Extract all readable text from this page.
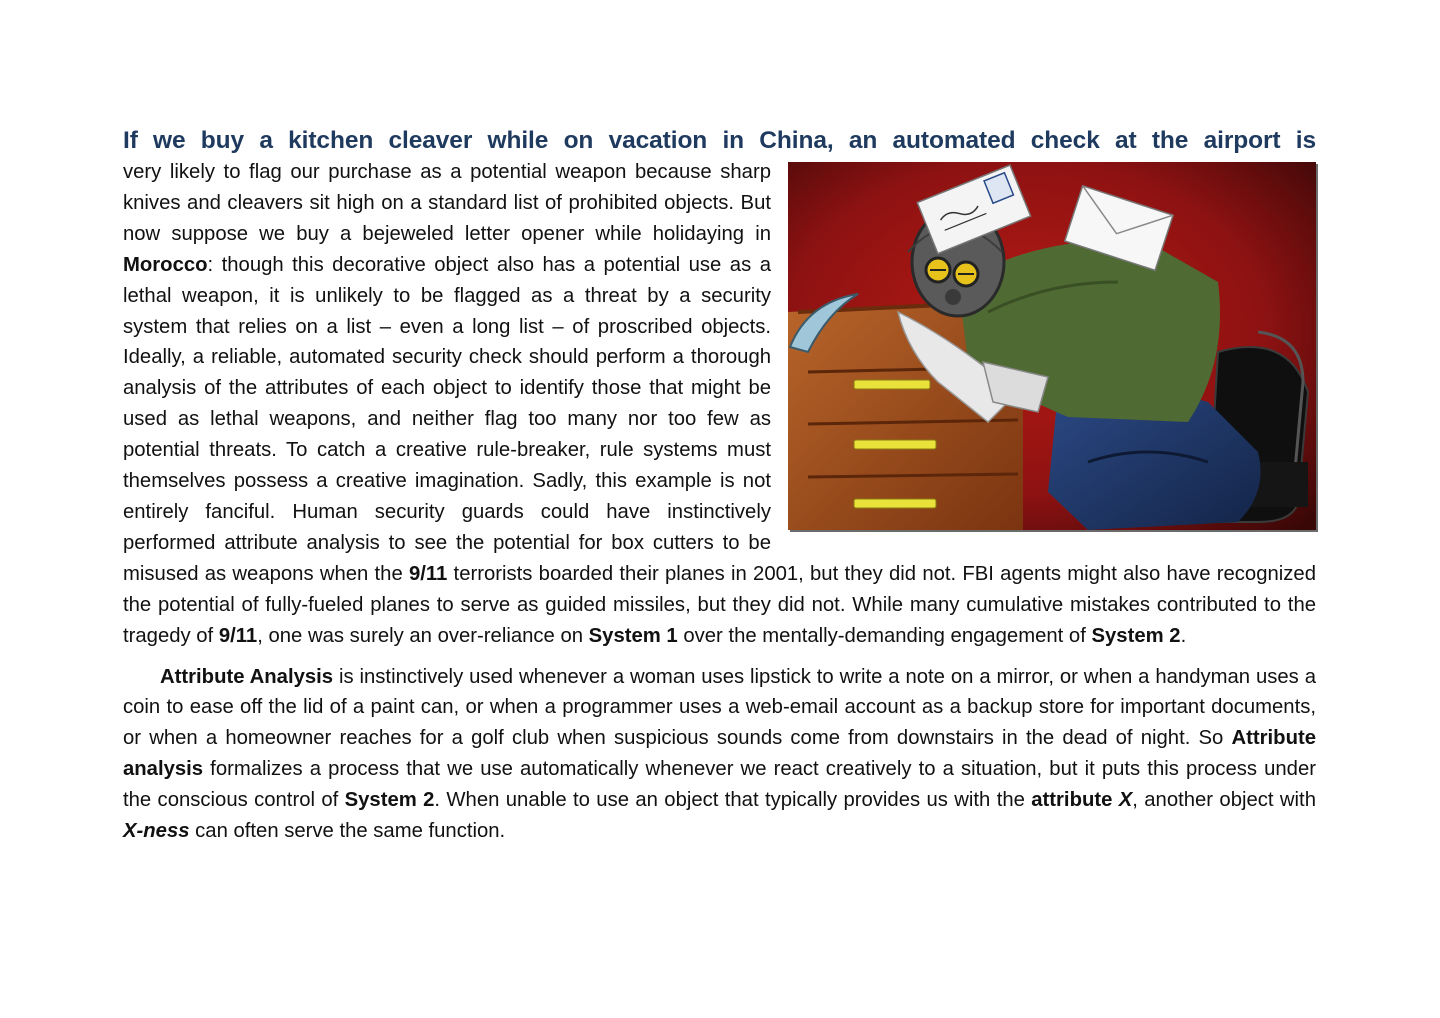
If we buy a kitchen cleaver while on vacation in China, an automated check at the airport is

very likely to flag our purchase as a potential weapon because sharp knives and cleavers sit high on a standard list of prohibited objects. But now suppose we buy a bejeweled letter opener while holidaying in Morocco: though this decorative object also has a potential use as a lethal weapon, it is unlikely to be flagged as a threat by a security system that relies on a list – even a long list – of proscribed objects. Ideally, a reliable, automated security check should perform a thorough analysis of the attributes of each object to identify those that might be used as lethal weapons, and neither flag too many nor too few as potential threats. To catch a creative rule-breaker, rule systems must themselves possess a creative imagination. Sadly, this example is not entirely fanciful. Human security guards could have instinctively performed attribute analysis to see the potential for box cutters to be misused as weapons when the 9/11 terrorists boarded their planes in 2001, but they did not. FBI agents might also have recognized the potential of fully-fueled planes to serve as guided missiles, but they did not. While many cumulative mistakes contributed to the tragedy of 9/11, one was surely an over-reliance on System 1 over the mentally-demanding engagement of System 2.

Attribute Analysis is instinctively used whenever a woman uses lipstick to write a note on a mirror, or when a handyman uses a coin to ease off the lid of a paint can, or when a programmer uses a web-email account as a backup store for important documents, or when a homeowner reaches for a golf club when suspicious sounds come from downstairs in the dead of night. So Attribute analysis formalizes a process that we use automatically whenever we react creatively to a situation, but it puts this process under the conscious control of System 2. When unable to use an object that typically provides us with the attribute X, another object with X-ness can often serve the same function.
